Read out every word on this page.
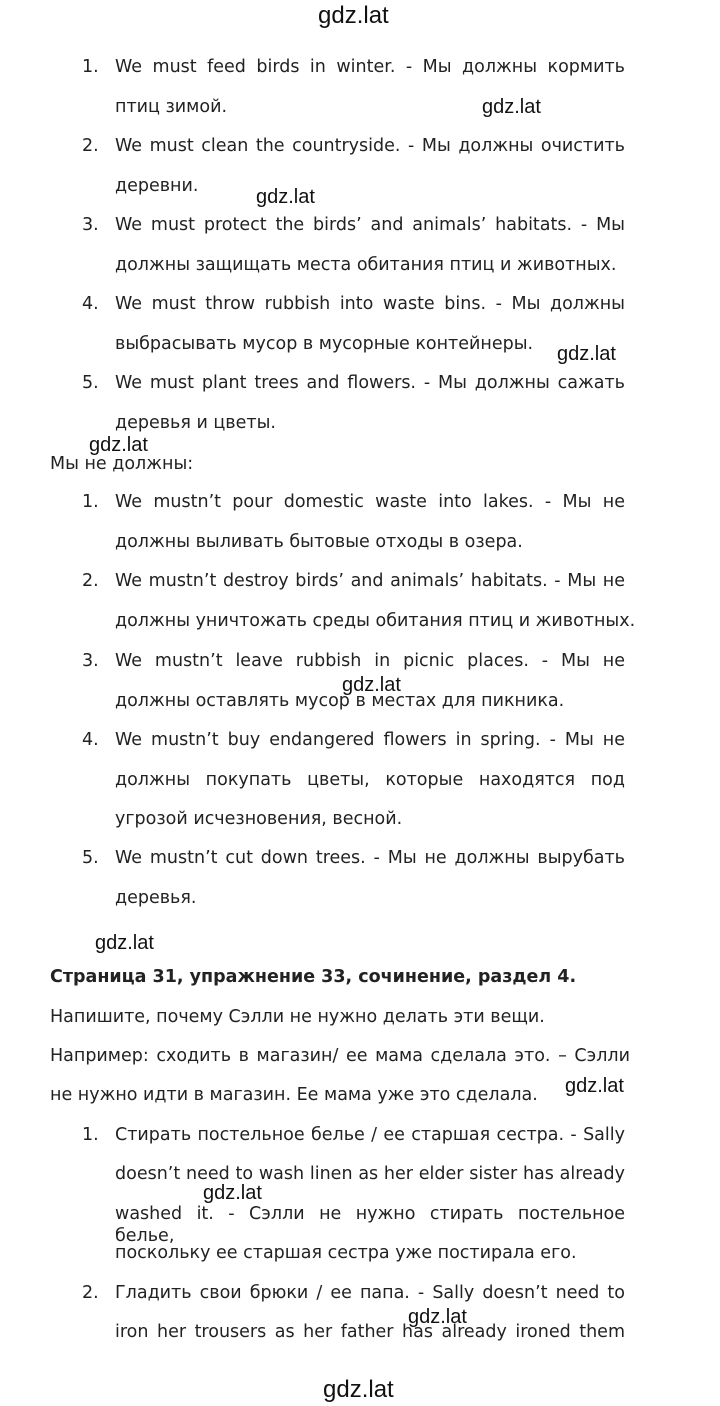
gdz.lat
1. We must feed birds in winter. - Мы должны кормить
птиц зимой.
2. We must clean the countryside. - Мы должны очистить
деревни.
3. We must protect the birds’ and animals’ habitats. - Мы
должны защищать места обитания птиц и животных.
4. We must throw rubbish into waste bins. - Мы должны
выбрасывать мусор в мусорные контейнеры.
5. We must plant trees and flowers. - Мы должны сажать
деревья и цветы.
gdz.lat
gdz.lat
gdz.lat
gdz.lat
Мы не должны:
1. We mustn’t pour domestic waste into lakes. - Мы не
должны выливать бытовые отходы в озера.
2. We mustn’t destroy birds’ and animals’ habitats. - Мы не
должны уничтожать среды обитания птиц и животных.
3. We mustn’t leave rubbish in picnic places. - Мы не
должны оставлять мусор в местах для пикника.
4. We mustn’t buy endangered flowers in spring. - Мы не
должны покупать цветы, которые находятся под
угрозой исчезновения, весной.
5. We mustn’t cut down trees. - Мы не должны вырубать
деревья.
gdz.lat
gdz.lat
Страница 31, упражнение 33, сочинение, раздел 4.
Напишите, почему Сэлли не нужно делать эти вещи.
Например: сходить в магазин/ ее мама сделала это. – Сэлли
не нужно идти в магазин. Ее мама уже это сделала. gdz.lat
1. Стирать постельное белье / ее старшая сестра. - Sally
doesn’t need to wash linen as her elder sister has already
washed it. - Сэлли не нужно стирать постельное белье,
поскольку ее старшая сестра уже постирала его.
2. Гладить свои брюки / ее папа. - Sally doesn’t need to
iron her trousers as her father has already ironed them
gdz.lat
gdz.lat
gdz.lat
